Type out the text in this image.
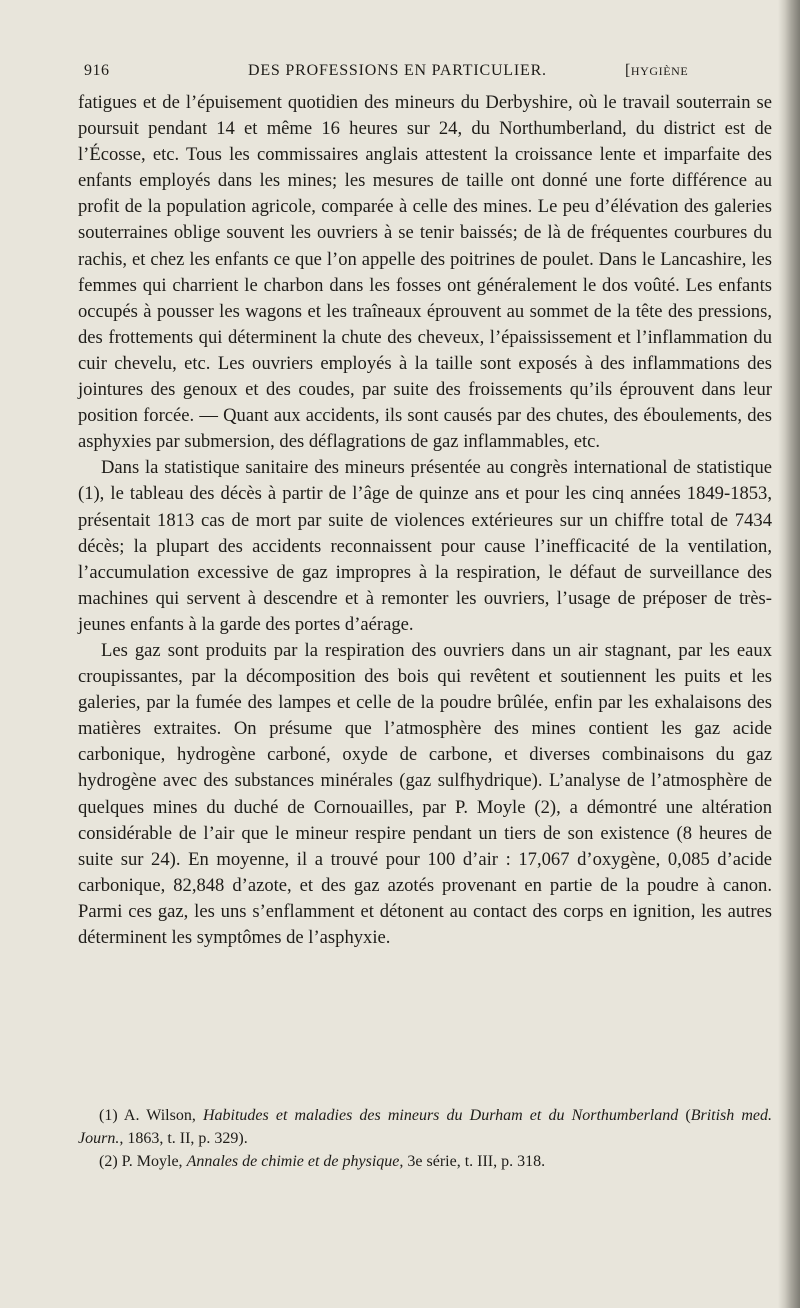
916	DES PROFESSIONS EN PARTICULIER.	[HYGIÈNE

fatigues et de l’épuisement quotidien des mineurs du Derbyshire, où le travail souterrain se poursuit pendant 14 et même 16 heures sur 24, du Northumberland, du district est de l’Écosse, etc. Tous les commissaires anglais attestent la croissance lente et imparfaite des enfants employés dans les mines; les mesures de taille ont donné une forte différence au profit de la population agricole, comparée à celle des mines. Le peu d’élévation des galeries souterraines oblige souvent les ouvriers à se tenir baissés; de là de fréquentes courbures du rachis, et chez les enfants ce que l’on appelle des poitrines de poulet. Dans le Lancashire, les femmes qui charrient le charbon dans les fosses ont généralement le dos voûté. Les enfants occupés à pousser les wagons et les traîneaux éprouvent au sommet de la tête des pressions, des frottements qui déterminent la chute des cheveux, l’épaississement et l’inflammation du cuir chevelu, etc. Les ouvriers employés à la taille sont exposés à des inflammations des jointures des genoux et des coudes, par suite des froissements qu’ils éprouvent dans leur position forcée. — Quant aux accidents, ils sont causés par des chutes, des éboulements, des asphyxies par submersion, des déflagrations de gaz inflammables, etc.

Dans la statistique sanitaire des mineurs présentée au congrès international de statistique (1), le tableau des décès à partir de l’âge de quinze ans et pour les cinq années 1849-1853, présentait 1813 cas de mort par suite de violences extérieures sur un chiffre total de 7434 décès; la plupart des accidents reconnaissent pour cause l’inefficacité de la ventilation, l’accumulation excessive de gaz impropres à la respiration, le défaut de surveillance des machines qui servent à descendre et à remonter les ouvriers, l’usage de préposer de très-jeunes enfants à la garde des portes d’aérage.

Les gaz sont produits par la respiration des ouvriers dans un air stagnant, par les eaux croupissantes, par la décomposition des bois qui revêtent et soutiennent les puits et les galeries, par la fumée des lampes et celle de la poudre brûlée, enfin par les exhalaisons des matières extraites. On présume que l’atmosphère des mines contient les gaz acide carbonique, hydrogène carboné, oxyde de carbone, et diverses combinaisons du gaz hydrogène avec des substances minérales (gaz sulfhydrique). L’analyse de l’atmosphère de quelques mines du duché de Cornouailles, par P. Moyle (2), a démontré une altération considérable de l’air que le mineur respire pendant un tiers de son existence (8 heures de suite sur 24). En moyenne, il a trouvé pour 100 d’air : 17,067 d’oxygène, 0,085 d’acide carbonique, 82,848 d’azote, et des gaz azotés provenant en partie de la poudre à canon. Parmi ces gaz, les uns s’enflamment et détonent au contact des corps en ignition, les autres déterminent les symptômes de l’asphyxie.

(1) A. Wilson, Habitudes et maladies des mineurs du Durham et du Northumberland (British med. Journ., 1863, t. II, p. 329).

(2) P. Moyle, Annales de chimie et de physique, 3e série, t. III, p. 318.
